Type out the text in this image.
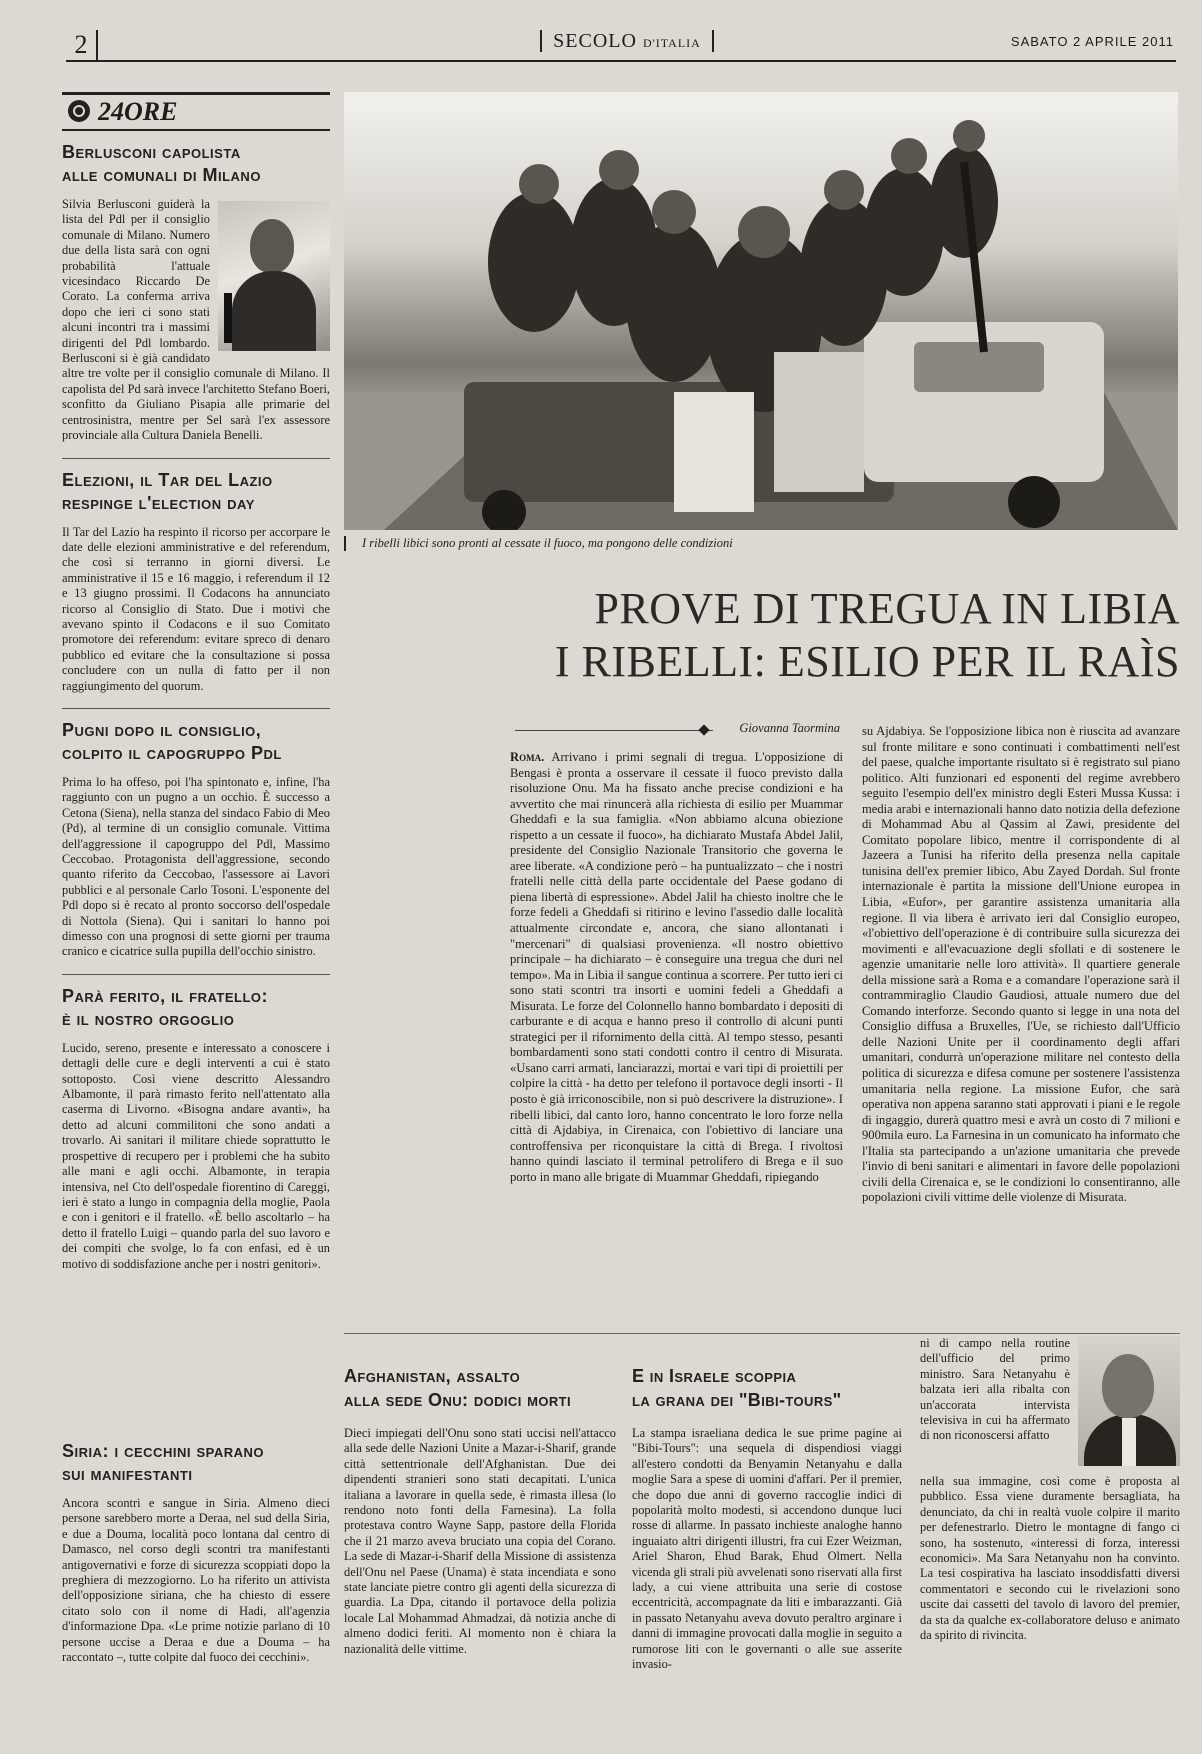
2	SECOLO D'ITALIA	SABATO 2 APRILE 2011
24ORE
Berlusconi capolista
alle comunali di Milano

Silvia Berlusconi guiderà la lista del Pdl per il consiglio comunale di Milano. Numero due della lista sarà con ogni probabilità l'attuale vicesindaco Riccardo De Corato. La conferma arriva dopo che ieri ci sono stati alcuni incontri tra i massimi dirigenti del Pdl lombardo. Berlusconi si è già candidato altre tre volte per il consiglio comunale di Milano. Il capolista del Pd sarà invece l'architetto Stefano Boeri, sconfitto da Giuliano Pisapia alle primarie del centrosinistra, mentre per Sel sarà l'ex assessore provinciale alla Cultura Daniela Benelli.

Elezioni, il Tar del Lazio
respinge l'election day

Il Tar del Lazio ha respinto il ricorso per accorpare le date delle elezioni amministrative e del referendum, che così si terranno in giorni diversi. Le amministrative il 15 e 16 maggio, i referendum il 12 e 13 giugno prossimi. Il Codacons ha annunciato ricorso al Consiglio di Stato. Due i motivi che avevano spinto il Codacons e il suo Comitato promotore dei referendum: evitare spreco di denaro pubblico ed evitare che la consultazione si possa concludere con un nulla di fatto per il non raggiungimento del quorum.

Pugni dopo il consiglio,
colpito il capogruppo Pdl

Prima lo ha offeso, poi l'ha spintonato e, infine, l'ha raggiunto con un pugno a un occhio. È successo a Cetona (Siena), nella stanza del sindaco Fabio di Meo (Pd), al termine di un consiglio comunale. Vittima dell'aggressione il capogruppo del Pdl, Massimo Ceccobao. Protagonista dell'aggressione, secondo quanto riferito da Ceccobao, l'assessore ai Lavori pubblici e al personale Carlo Tosoni. L'esponente del Pdl dopo si è recato al pronto soccorso dell'ospedale di Nottola (Siena). Qui i sanitari lo hanno poi dimesso con una prognosi di sette giorni per trauma cranico e cicatrice sulla pupilla dell'occhio sinistro.

Parà ferito, il fratello:
è il nostro orgoglio

Lucido, sereno, presente e interessato a conoscere i dettagli delle cure e degli interventi a cui è stato sottoposto. Così viene descritto Alessandro Albamonte, il parà rimasto ferito nell'attentato alla caserma di Livorno. «Bisogna andare avanti», ha detto ad alcuni commilitoni che sono andati a trovarlo. Ai sanitari il militare chiede soprattutto le prospettive di recupero per i problemi che ha subito alle mani e agli occhi. Albamonte, in terapia intensiva, nel Cto dell'ospedale fiorentino di Careggi, ieri è stato a lungo in compagnia della moglie, Paola e con i genitori e il fratello. «È bello ascoltarlo – ha detto il fratello Luigi – quando parla del suo lavoro e dei compiti che svolge, lo fa con enfasi, ed è un motivo di soddisfazione anche per i nostri genitori».

Siria: i cecchini sparano
sui manifestanti

Ancora scontri e sangue in Siria. Almeno dieci persone sarebbero morte a Deraa, nel sud della Siria, e due a Douma, località poco lontana dal centro di Damasco, nel corso degli scontri tra manifestanti antigovernativi e forze di sicurezza scoppiati dopo la preghiera di mezzogiorno. Lo ha riferito un attivista dell'opposizione siriana, che ha chiesto di essere citato solo con il nome di Hadi, all'agenzia d'informazione Dpa. «Le prime notizie parlano di 10 persone uccise a Deraa e due a Douma – ha raccontato –, tutte colpite dal fuoco dei cecchini».

I ribelli libici sono pronti al cessate il fuoco, ma pongono delle condizioni
PROVE DI TREGUA IN LIBIA
I RIBELLI: ESILIO PER IL RAÌS
Giovanna Taormina
Roma. Arrivano i primi segnali di tregua. L'opposizione di Bengasi è pronta a osservare il cessate il fuoco previsto dalla risoluzione Onu. Ma ha fissato anche precise condizioni e ha avvertito che mai rinuncerà alla richiesta di esilio per Muammar Gheddafi e la sua famiglia. «Non abbiamo alcuna obiezione rispetto a un cessate il fuoco», ha dichiarato Mustafa Abdel Jalil, presidente del Consiglio Nazionale Transitorio che governa le aree liberate. «A condizione però – ha puntualizzato – che i nostri fratelli nelle città della parte occidentale del Paese godano di piena libertà di espressione». Abdel Jalil ha chiesto inoltre che le forze fedeli a Gheddafi si ritirino e levino l'assedio dalle località attualmente circondate e, ancora, che siano allontanati i "mercenari" di qualsiasi provenienza. «Il nostro obiettivo principale – ha dichiarato – è conseguire una tregua che duri nel tempo». Ma in Libia il sangue continua a scorrere. Per tutto ieri ci sono stati scontri tra insorti e uomini fedeli a Gheddafi a Misurata. Le forze del Colonnello hanno bombardato i depositi di carburante e di acqua e hanno preso il controllo di alcuni punti strategici per il rifornimento della città. Al tempo stesso, pesanti bombardamenti sono stati condotti contro il centro di Misurata. «Usano carri armati, lanciarazzi, mortai e vari tipi di proiettili per colpire la città - ha detto per telefono il portavoce degli insorti - Il posto è già irriconoscibile, non si può descrivere la distruzione». I ribelli libici, dal canto loro, hanno concentrato le loro forze nella città di Ajdabiya, in Cirenaica, con l'obiettivo di lanciare una controffensiva per riconquistare la città di Brega. I rivoltosi hanno quindi lasciato il terminal petrolifero di Brega e il suo porto in mano alle brigate di Muammar Gheddafi, ripiegando
su Ajdabiya. Se l'opposizione libica non è riuscita ad avanzare sul fronte militare e sono continuati i combattimenti nell'est del paese, qualche importante risultato si è registrato sul piano politico. Alti funzionari ed esponenti del regime avrebbero seguito l'esempio dell'ex ministro degli Esteri Mussa Kussa: i media arabi e internazionali hanno dato notizia della defezione di Mohammad Abu al Qassim al Zawi, presidente del Comitato popolare libico, mentre il corrispondente di al Jazeera a Tunisi ha riferito della presenza nella capitale tunisina dell'ex premier libico, Abu Zayed Dordah. Sul fronte internazionale è partita la missione dell'Unione europea in Libia, «Eufor», per garantire assistenza umanitaria alla regione. Il via libera è arrivato ieri dal Consiglio europeo, «l'obiettivo dell'operazione è di contribuire sulla sicurezza dei movimenti e all'evacuazione degli sfollati e di sostenere le agenzie umanitarie nelle loro attività». Il quartiere generale della missione sarà a Roma e a comandare l'operazione sarà il contrammiraglio Claudio Gaudiosi, attuale numero due del Comando interforze. Secondo quanto si legge in una nota del Consiglio diffusa a Bruxelles, l'Ue, se richiesto dall'Ufficio delle Nazioni Unite per il coordinamento degli affari umanitari, condurrà un'operazione militare nel contesto della politica di sicurezza e difesa comune per sostenere l'assistenza umanitaria nella regione. La missione Eufor, che sarà operativa non appena saranno stati approvati i piani e le regole di ingaggio, durerà quattro mesi e avrà un costo di 7 milioni e 900mila euro. La Farnesina in un comunicato ha informato che l'Italia sta partecipando a un'azione umanitaria che prevede l'invio di beni sanitari e alimentari in favore delle popolazioni civili della Cirenaica e, se le condizioni lo consentiranno, alle popolazioni civili vittime delle violenze di Misurata.
Afghanistan, assalto
alla sede Onu: dodici morti

Dieci impiegati dell'Onu sono stati uccisi nell'attacco alla sede delle Nazioni Unite a Mazar-i-Sharif, grande città settentrionale dell'Afghanistan. Due dei dipendenti stranieri sono stati decapitati. L'unica italiana a lavorare in quella sede, è rimasta illesa (lo rendono noto fonti della Farnesina). La folla protestava contro Wayne Sapp, pastore della Florida che il 21 marzo aveva bruciato una copia del Corano. La sede di Mazar-i-Sharif della Missione di assistenza dell'Onu nel Paese (Unama) è stata incendiata e sono state lanciate pietre contro gli agenti della sicurezza di guardia. La Dpa, citando il portavoce della polizia locale Lal Mohammad Ahmadzai, dà notizia anche di almeno dodici feriti. Al momento non è chiara la nazionalità delle vittime.

E in Israele scoppia
la grana dei "Bibi-tours"

La stampa israeliana dedica le sue prime pagine ai "Bibi-Tours": una sequela di dispendiosi viaggi all'estero condotti da Benyamin Netanyahu e dalla moglie Sara a spese di uomini d'affari. Per il premier, che dopo due anni di governo raccoglie indici di popolarità molto modesti, si accendono dunque luci rosse di allarme. In passato inchieste analoghe hanno inguaiato altri dirigenti illustri, fra cui Ezer Weizman, Ariel Sharon, Ehud Barak, Ehud Olmert. Nella vicenda gli strali più avvelenati sono riservati alla first lady, a cui viene attribuita una serie di costose eccentricità, accompagnate da liti e imbarazzanti. Già in passato Netanyahu aveva dovuto peraltro arginare i danni di immagine provocati dalla moglie in seguito a rumorose liti con le governanti o alle sue asserite invasio-

ni di campo nella routine dell'ufficio del primo ministro. Sara Netanyahu è balzata ieri alla ribalta con un'accorata intervista televisiva in cui ha affermato di non riconoscersi affatto
nella sua immagine, così come è proposta al pubblico. Essa viene duramente bersagliata, ha denunciato, da chi in realtà vuole colpire il marito per defenestrarlo. Dietro le montagne di fango ci sono, ha sostenuto, «interessi di forza, interessi economici». Ma Sara Netanyahu non ha convinto. La tesi cospirativa ha lasciato insoddisfatti diversi commentatori e secondo cui le rivelazioni sono uscite dai cassetti del tavolo di lavoro del premier, da sta da qualche ex-collaboratore deluso e animato da spirito di rivincita.
